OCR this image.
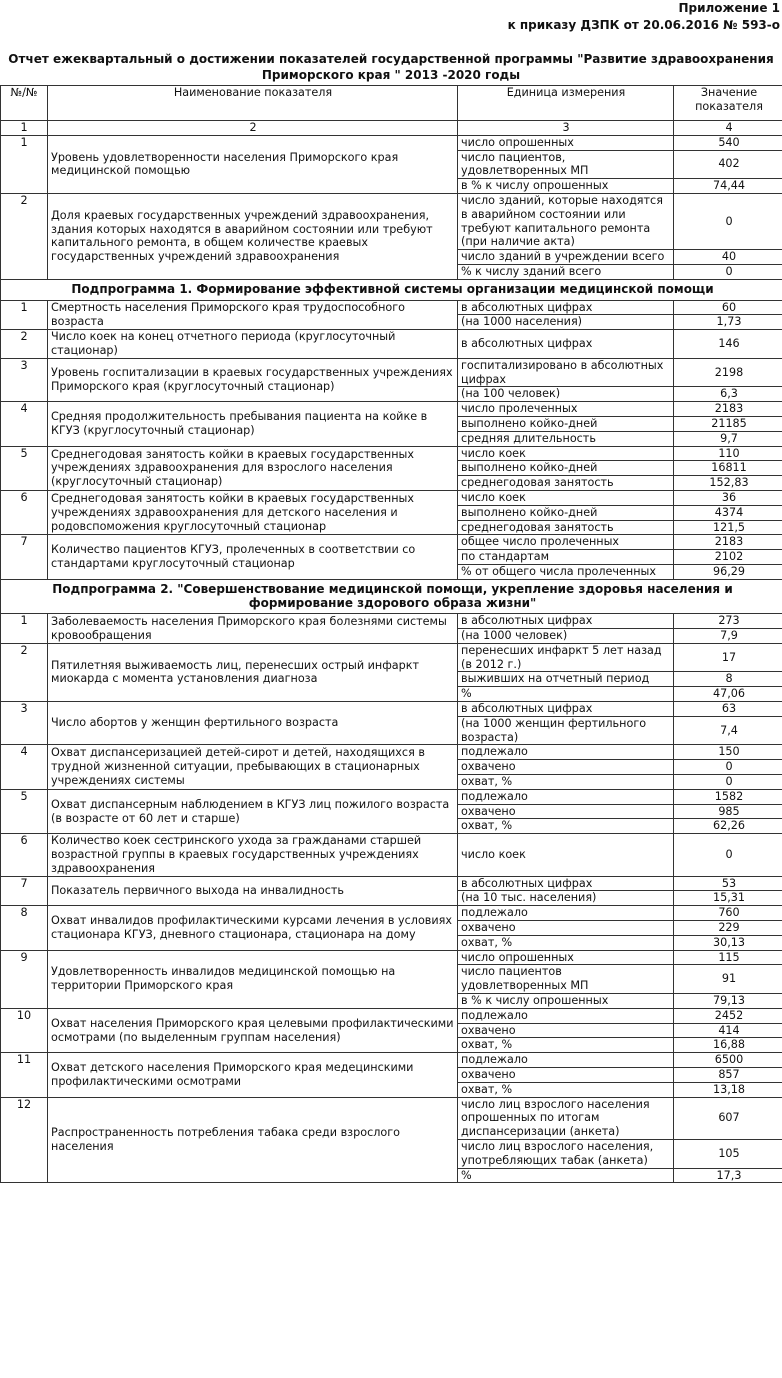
Приложение 1
к приказу ДЗПК от 20.06.2016 № 593-о
Отчет ежеквартальный о достижении показателей государственной программы "Развитие здравоохранения
Приморского края " 2013 -2020 годы
№/№	Наименование показателя	Единица измерения	Значение показателя
1	2	3	4
1	Уровень удовлетворенности населения Приморского края медицинской помощью	число опрошенных	540
		число пациентов, удовлетворенных МП	402
		в % к числу опрошенных	74,44
2	Доля краевых государственных учреждений здравоохранения, здания которых находятся в аварийном состоянии или требуют капитального ремонта, в общем количестве краевых государственных учреждений здравоохранения	число зданий, которые находятся в аварийном состоянии или требуют капитального ремонта (при наличие акта)	0
		число зданий в учреждении всего	40
		% к числу зданий всего	0
Подпрограмма 1. Формирование эффективной системы организации медицинской помощи			
1	Смертность населения Приморского края трудоспособного возраста	в абсолютных цифрах	60
		(на 1000 населения)	1,73
2	Число коек на конец отчетного периода (круглосуточный стационар)	в абсолютных цифрах	146
3	Уровень госпитализации в краевых государственных учреждениях Приморского края (круглосуточный стационар)	госпитализировано в абсолютных цифрах	2198
		(на 100 человек)	6,3
4	Средняя продолжительность пребывания пациента на койке в КГУЗ (круглосуточный стационар)	число пролеченных	2183
		выполнено койко-дней	21185
		средняя длительность	9,7
5	Среднегодовая занятость койки в краевых государственных учреждениях здравоохранения для взрослого населения (круглосуточный стационар)	число коек	110
		выполнено койко-дней	16811
		среднегодовая занятость	152,83
6	Среднегодовая занятость койки в краевых государственных учреждениях здравоохранения для детского населения и родовспоможения круглосуточный стационар	число коек	36
		выполнено койко-дней	4374
		среднегодовая занятость	121,5
7	Количество пациентов КГУЗ, пролеченных в соответствии со стандартами круглосуточный стационар	общее число пролеченных	2183
		по стандартам	2102
		% от общего числа пролеченных	96,29
Подпрограмма 2. "Совершенствование медицинской помощи, укрепление здоровья населения и формирование здорового образа жизни"			
1	Заболеваемость населения Приморского края болезнями системы кровообращения	в абсолютных цифрах	273
		(на 1000 человек)	7,9
2	Пятилетняя выживаемость лиц, перенесших острый инфаркт миокарда с момента установления диагноза	перенесших инфаркт 5 лет назад (в 2012 г.)	17
		выживших на отчетный период	8
		%	47,06
3	Число абортов у женщин фертильного возраста	в абсолютных цифрах	63
		(на 1000 женщин фертильного возраста)	7,4
4	Охват диспансеризацией детей-сирот и детей, находящихся в трудной жизненной ситуации, пребывающих в стационарных учреждениях системы	подлежало	150
		охвачено	0
		охват, %	0
5	Охват диспансерным наблюдением в КГУЗ лиц пожилого возраста (в возрасте от 60 лет и старше)	подлежало	1582
		охвачено	985
		охват, %	62,26
6	Количество коек сестринского ухода за гражданами старшей возрастной группы в краевых государственных учреждениях здравоохранения	число коек	0
7	Показатель первичного выхода на инвалидность	в абсолютных цифрах	53
		(на 10 тыс. населения)	15,31
8	Охват инвалидов профилактическими курсами лечения в условиях стационара КГУЗ, дневного стационара, стационара на дому	подлежало	760
		охвачено	229
		охват, %	30,13
9	Удовлетворенность инвалидов медицинской помощью на территории Приморского края	число опрошенных	115
		число пациентов удовлетворенных МП	91
		в % к числу опрошенных	79,13
10	Охват населения Приморского края целевыми профилактическими осмотрами (по выделенным группам населения)	подлежало	2452
		охвачено	414
		охват, %	16,88
11	Охват детского населения Приморского края медецинскими профилактическими осмотрами	подлежало	6500
		охвачено	857
		охват, %	13,18
12	Распространенность потребления табака среди взрослого населения	число лиц взрослого населения опрошенных по итогам диспансеризации (анкета)	607
		число лиц взрослого населения, употребляющих табак (анкета)	105
		%	17,3
